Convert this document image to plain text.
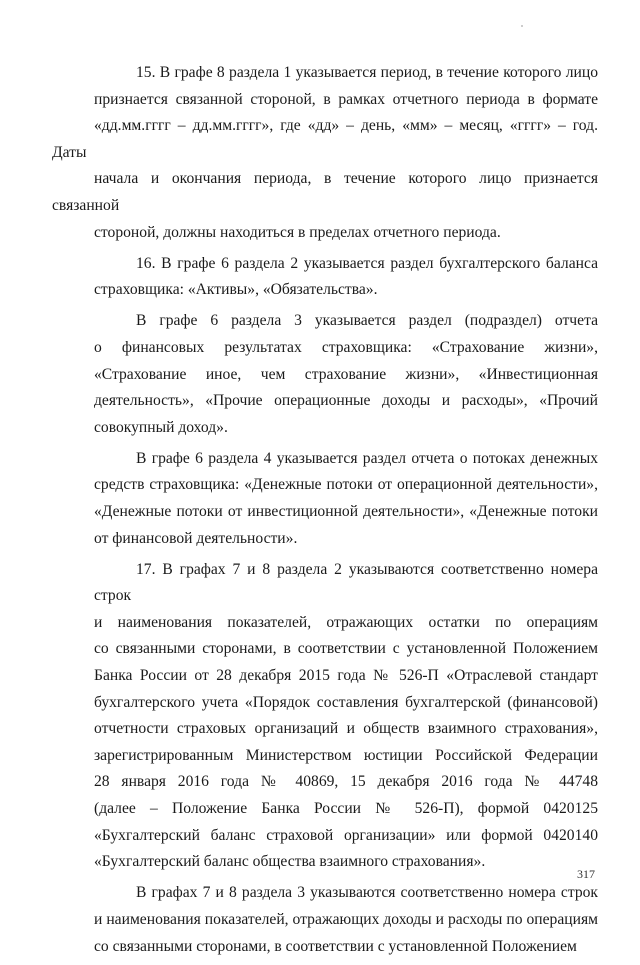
15. В графе 8 раздела 1 указывается период, в течение которого лицо
признается связанной стороной, в рамках отчетного периода в формате
«дд.мм.гггг – дд.мм.гггг», где «дд» – день, «мм» – месяц, «гггг» – год. Даты
начала и окончания периода, в течение которого лицо признается связанной
стороной, должны находиться в пределах отчетного периода.
16. В графе 6 раздела 2 указывается раздел бухгалтерского баланса
страховщика: «Активы», «Обязательства».
В графе 6 раздела 3 указывается раздел (подраздел) отчета
о финансовых результатах страховщика: «Страхование жизни»,
«Страхование иное, чем страхование жизни», «Инвестиционная
деятельность», «Прочие операционные доходы и расходы», «Прочий
совокупный доход».
В графе 6 раздела 4 указывается раздел отчета о потоках денежных
средств страховщика: «Денежные потоки от операционной деятельности»,
«Денежные потоки от инвестиционной деятельности», «Денежные потоки
от финансовой деятельности».
17. В графах 7 и 8 раздела 2 указываются соответственно номера строк
и наименования показателей, отражающих остатки по операциям
со связанными сторонами, в соответствии с установленной Положением
Банка России от 28 декабря 2015 года № 526-П «Отраслевой стандарт
бухгалтерского учета «Порядок составления бухгалтерской (финансовой)
отчетности страховых организаций и обществ взаимного страхования»,
зарегистрированным Министерством юстиции Российской Федерации
28 января 2016 года № 40869, 15 декабря 2016 года № 44748
(далее – Положение Банка России № 526-П), формой 0420125
«Бухгалтерский баланс страховой организации» или формой 0420140
«Бухгалтерский баланс общества взаимного страхования».
В графах 7 и 8 раздела 3 указываются соответственно номера строк
и наименования показателей, отражающих доходы и расходы по операциям
со связанными сторонами, в соответствии с установленной Положением
317
